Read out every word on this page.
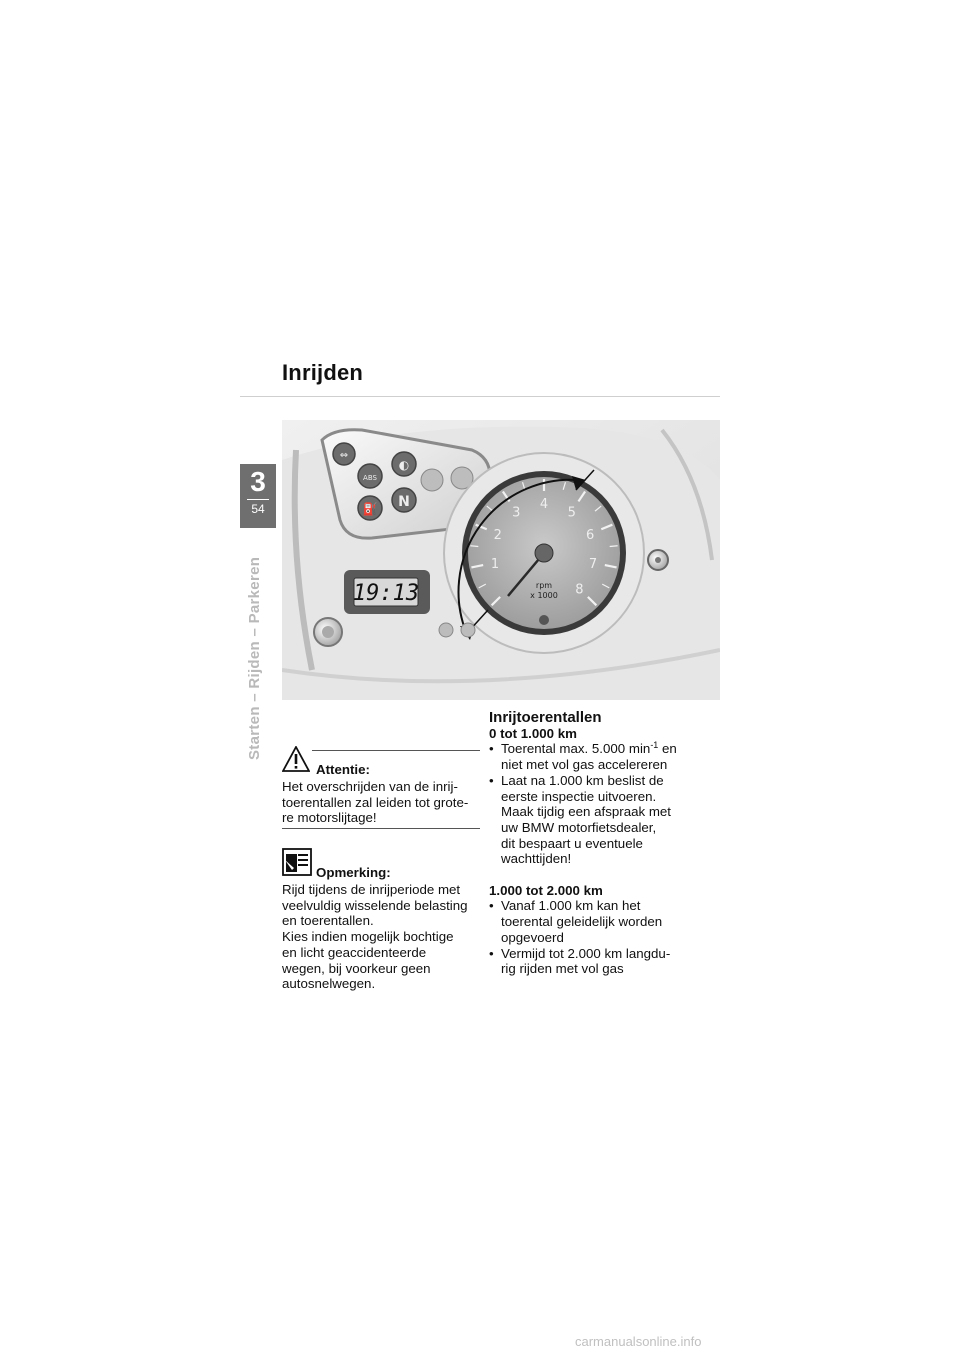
Inrijden
3
54
Starten – Rijden – Parkeren
⇔
ABS
◐
⛽ N
19:13
1
2
3
4
5
6
7
8
rpm
x 1000
Attentie:
Het overschrijden van de inrij-
toerentallen zal leiden tot grote-
re motorslijtage!
Opmerking:
Rijd tijdens de inrijperiode met
veelvuldig wisselende belasting
en toerentallen.
Kies indien mogelijk bochtige
en licht geaccidenteerde
wegen, bij voorkeur geen
autosnelwegen.
Inrijtoerentallen
0 tot 1.000 km
• Toerental max. 5.000 $\min^{-1}$ en
niet met vol gas accelereren
• Laat na 1.000 km beslist de
eerste inspectie uitvoeren.
Maak tijdig een afspraak met
uw BMW motorfietsdealer,
dit bespaart u eventuele
wachttijden!
1.000 tot 2.000 km
• Vanaf 1.000 km kan het
toerental geleidelijk worden
opgevoerd
• Vermijd tot 2.000 km langdu-
rig rijden met vol gas
carmanualsonline.info
